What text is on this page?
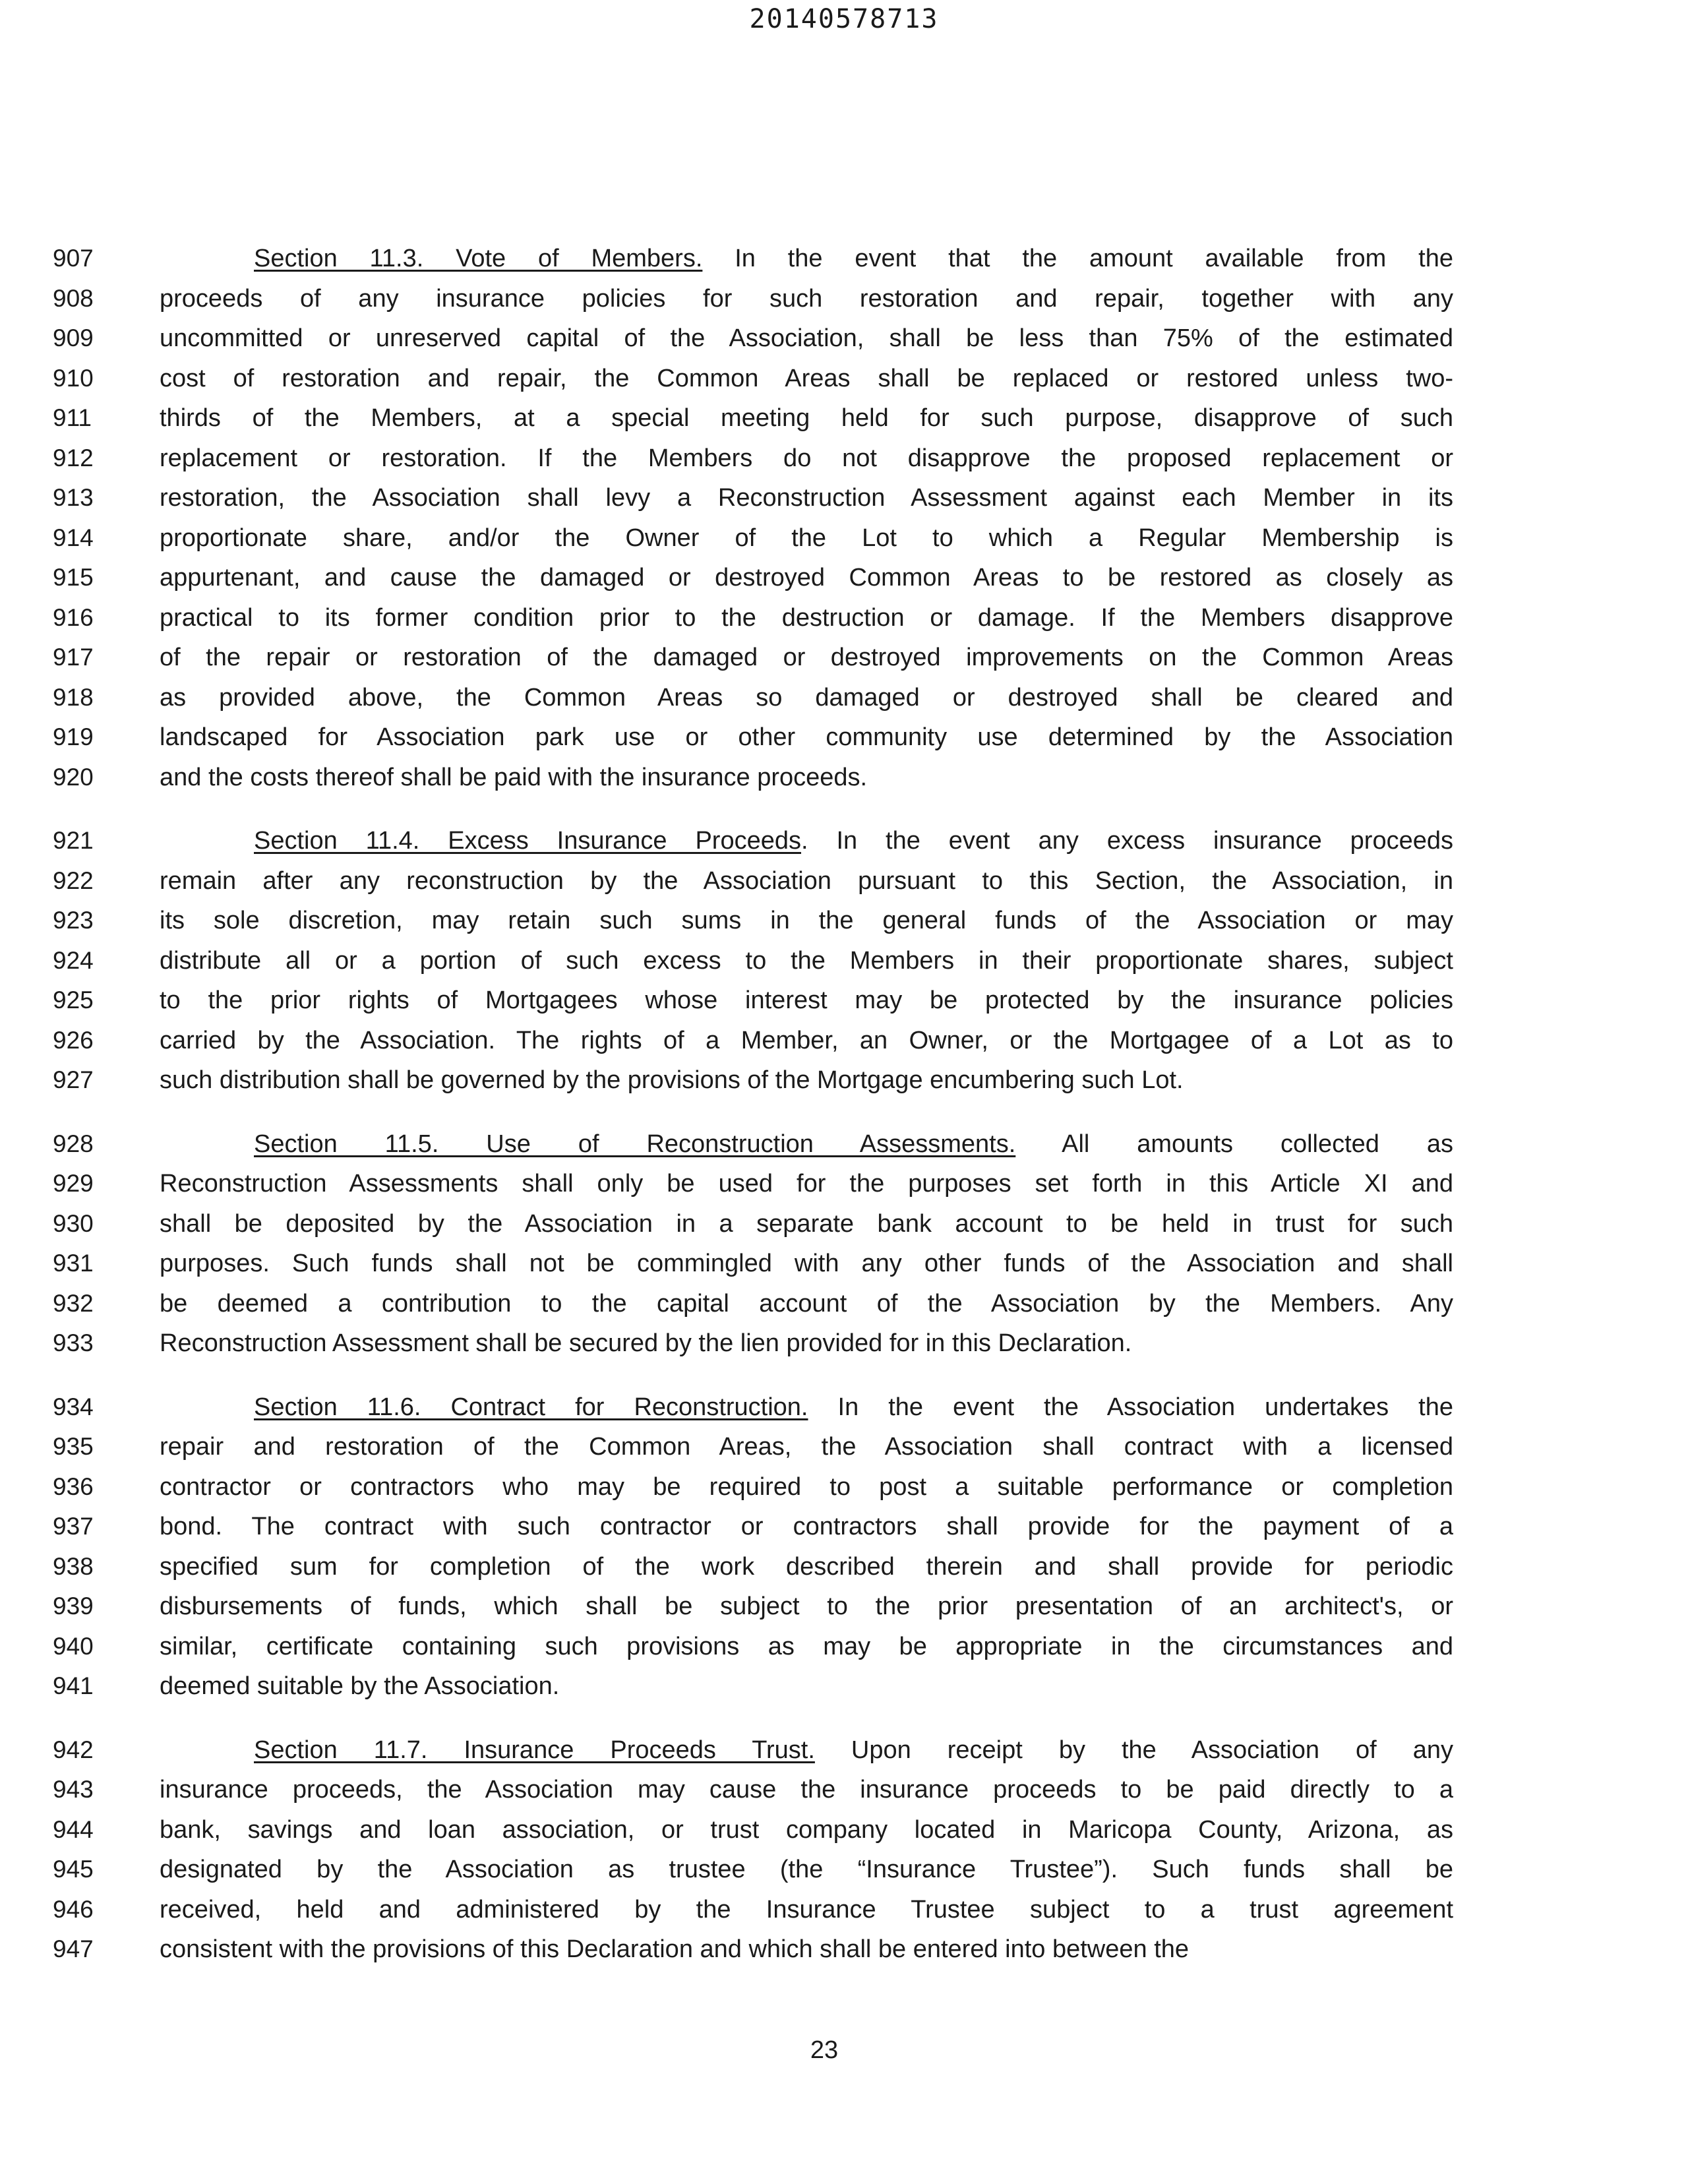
20140578713
907	Section 11.3. Vote of Members. In the event that the amount available from the
908	proceeds of any insurance policies for such restoration and repair, together with any
909	uncommitted or unreserved capital of the Association, shall be less than 75% of the estimated
910	cost of restoration and repair, the Common Areas shall be replaced or restored unless two-
911	thirds of the Members, at a special meeting held for such purpose, disapprove of such
912	replacement or restoration. If the Members do not disapprove the proposed replacement or
913	restoration, the Association shall levy a Reconstruction Assessment against each Member in its
914	proportionate share, and/or the Owner of the Lot to which a Regular Membership is
915	appurtenant, and cause the damaged or destroyed Common Areas to be restored as closely as
916	practical to its former condition prior to the destruction or damage. If the Members disapprove
917	of the repair or restoration of the damaged or destroyed improvements on the Common Areas
918	as provided above, the Common Areas so damaged or destroyed shall be cleared and
919	landscaped for Association park use or other community use determined by the Association
920	and the costs thereof shall be paid with the insurance proceeds.
921	Section 11.4. Excess Insurance Proceeds. In the event any excess insurance proceeds
922	remain after any reconstruction by the Association pursuant to this Section, the Association, in
923	its sole discretion, may retain such sums in the general funds of the Association or may
924	distribute all or a portion of such excess to the Members in their proportionate shares, subject
925	to the prior rights of Mortgagees whose interest may be protected by the insurance policies
926	carried by the Association. The rights of a Member, an Owner, or the Mortgagee of a Lot as to
927	such distribution shall be governed by the provisions of the Mortgage encumbering such Lot.
928	Section 11.5. Use of Reconstruction Assessments. All amounts collected as
929	Reconstruction Assessments shall only be used for the purposes set forth in this Article XI and
930	shall be deposited by the Association in a separate bank account to be held in trust for such
931	purposes. Such funds shall not be commingled with any other funds of the Association and shall
932	be deemed a contribution to the capital account of the Association by the Members. Any
933	Reconstruction Assessment shall be secured by the lien provided for in this Declaration.
934	Section 11.6. Contract for Reconstruction. In the event the Association undertakes the
935	repair and restoration of the Common Areas, the Association shall contract with a licensed
936	contractor or contractors who may be required to post a suitable performance or completion
937	bond. The contract with such contractor or contractors shall provide for the payment of a
938	specified sum for completion of the work described therein and shall provide for periodic
939	disbursements of funds, which shall be subject to the prior presentation of an architect's, or
940	similar, certificate containing such provisions as may be appropriate in the circumstances and
941	deemed suitable by the Association.
942	Section 11.7. Insurance Proceeds Trust. Upon receipt by the Association of any
943	insurance proceeds, the Association may cause the insurance proceeds to be paid directly to a
944	bank, savings and loan association, or trust company located in Maricopa County, Arizona, as
945	designated by the Association as trustee (the “Insurance Trustee”). Such funds shall be
946	received, held and administered by the Insurance Trustee subject to a trust agreement
947	consistent with the provisions of this Declaration and which shall be entered into between the
23
